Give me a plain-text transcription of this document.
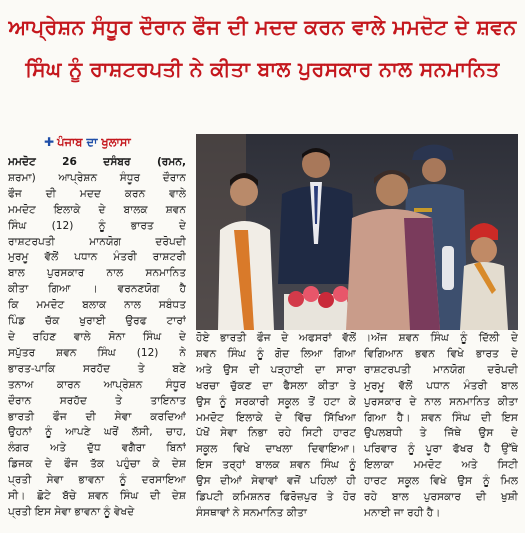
ਆਪ੍ਰੇਸ਼ਨ ਸੰਧੂਰ ਦੌਰਾਨ ਫੌਜ ਦੀ ਮਦਦ ਕਰਨ ਵਾਲੇ ਮਮਦੋਟ ਦੇ ਸ਼ਵਨ
ਸਿੰਘ ਨੂੰ ਰਾਸ਼ਟਰਪਤੀ ਨੇ ਕੀਤਾ ਬਾਲ ਪੁਰਸਕਾਰ ਨਾਲ ਸਨਮਾਨਿਤ
✚ ਪੰਜਾਬ ਦਾ ਖੁਲਾਸਾ
ਮਮਦੋਟ 26 ਦਸੰਬਰ (ਰਮਨ,
ਸ਼ਰਮਾ) ਆਪ੍ਰੇਸ਼ਨ ਸੰਧੂਰ ਦੌਰਾਨ
ਫੌਜ ਦੀ ਮਦਦ ਕਰਨ ਵਾਲੇ
ਮਮਦੋਟ ਇਲਾਕੇ ਦੇ ਬਾਲਕ ਸ਼ਵਨ
ਸਿੰਘ (12) ਨੂੰ ਭਾਰਤ ਦੇ
ਰਾਸ਼ਟਰਪਤੀ ਮਾਨਯੋਗ ਦਰੋਪਦੀ
ਮੁਰਮੂ ਵੱਲੋਂ ਪਧਾਨ ਮੰਤਰੀ ਰਾਸ਼ਟਰੀ
ਬਾਲ ਪੁਰਸਕਾਰ ਨਾਲ ਸਨਮਾਨਿਤ
ਕੀਤਾ ਗਿਆ । ਵਰਨਣਯੋਗ ਹੈ
ਕਿ ਮਮਦੋਟ ਬਲਾਕ ਨਾਲ ਸਬੰਧਤ
ਪਿੰਡ ਚੱਕ ਖੁਰਾਈ ਉਰਫ ਟਾਰਾਂ
ਦੇ ਰਹਿਣ ਵਾਲੇ ਸੋਨਾ ਸਿੰਘ ਦੇ
ਸਪੁੱਤਰ ਸ਼ਵਨ ਸਿੰਘ (12) ਨੇ
ਭਾਰਤ-ਪਾਕਿ ਸਰਹੱਦ ਤੇ ਬਣੇ
ਤਨਾਅ ਕਾਰਨ ਆਪ੍ਰੇਸ਼ਨ ਸੰਧੂਰ
ਦੌਰਾਨ ਸਰਹੱਦ ਤੇ ਤਾਇਨਾਤ
ਭਾਰਤੀ ਫੌਜ ਦੀ ਸੇਵਾ ਕਰਦਿਆਂ
ਉਹਨਾਂ ਨੂੰ ਆਪਣੇ ਘਰੋਂ ਲੱਸੀ, ਚਾਹ,
ਲੰਗਰ ਅਤੇ ਦੁੱਧ ਵਗੈਰਾ ਬਿਨਾਂ
ਡਿਜਕ ਦੇ ਫੌਜ ਤੱਕ ਪਹੁੰਚਾ ਕੇ ਦੇਸ਼
ਪ੍ਰਤੀ ਸੇਵਾ ਭਾਵਨਾ ਨੂੰ ਦਰਸਾਇਆ
ਸੀ। ਛੋਟੇ ਬੱਚੇ ਸ਼ਵਨ ਸਿੰਘ ਦੀ ਦੇਸ਼
ਪ੍ਰਤੀ ਇਸ ਸੇਵਾ ਭਾਵਨਾ ਨੂੰ ਵੇਖਦੇ
ਹੋਏ ਭਾਰਤੀ ਫੌਜ ਦੇ ਅਫਸਰਾਂ ਵੱਲੋਂ
ਸ਼ਵਨ ਸਿੰਘ ਨੂੰ ਗੋਦ ਲਿਆ ਗਿਆ
ਅਤੇ ਉਸ ਦੀ ਪੜ੍ਹਾਈ ਦਾ ਸਾਰਾ
ਖਰਚਾ ਚੁੱਕਣ ਦਾ ਫੈਸਲਾ ਕੀਤਾ ਤੇ
ਉਸ ਨੂੰ ਸਰਕਾਰੀ ਸਕੂਲ ਤੋਂ ਹਟਾ ਕੇ
ਮਮਦੋਟ ਇਲਾਕੇ ਦੇ ਵਿੱਚ ਸਿੱਖਿਆ
ਪੱਖੋਂ ਸੇਵਾ ਨਿਭਾ ਰਹੇ ਸਿਟੀ ਹਾਰਟ
ਸਕੂਲ ਵਿਖੇ ਦਾਖਲਾ ਦਿਵਾਇਆ।
ਇਸ ਤਰ੍ਹਾਂ ਬਾਲਕ ਸ਼ਵਨ ਸਿੰਘ ਨੂੰ
ਉਸ ਦੀਆਂ ਸੇਵਾਵਾਂ ਵਜੋਂ ਪਹਿਲਾਂ ਹੀ
ਡਿਪਟੀ ਕਮਿਸ਼ਨਰ ਫਿਰੋਜ਼ਪੁਰ ਤੇ ਹੋਰ
ਸੰਸਥਾਵਾਂ ਨੇ ਸਨਮਾਨਿਤ ਕੀਤਾ
।ਅੱਜ ਸ਼ਵਨ ਸਿੰਘ ਨੂੰ ਦਿੱਲੀ ਦੇ
ਵਿਗਿਆਨ ਭਵਨ ਵਿਖੇ ਭਾਰਤ ਦੇ
ਰਾਸ਼ਟਰਪਤੀ ਮਾਨਯੋਗ ਦਰੋਪਦੀ
ਮੁਰਮੂ ਵੱਲੋਂ ਪਧਾਨ ਮੰਤਰੀ ਬਾਲ
ਪੁਰਸਕਾਰ ਦੇ ਨਾਲ ਸਨਮਾਨਿਤ ਕੀਤਾ
ਗਿਆ ਹੈ। ਸ਼ਵਨ ਸਿੰਘ ਦੀ ਇਸ
ਉਪਲਬਧੀ ਤੇ ਜਿੱਥੇ ਉਸ ਦੇ
ਪਰਿਵਾਰ ਨੂੰ ਪੂਰਾ ਫੱਖਰ ਹੈ ਉੱਥੇ
ਇਲਾਕਾ ਮਮਦੋਟ ਅਤੇ ਸਿਟੀ
ਹਾਰਟ ਸਕੂਲ ਵਿਖੇ ਉਸ ਨੂੰ ਮਿਲ
ਰਹੇ ਬਾਲ ਪੁਰਸਕਾਰ ਦੀ ਖੁਸ਼ੀ
ਮਨਾਈ ਜਾ ਰਹੀ ਹੈ।
